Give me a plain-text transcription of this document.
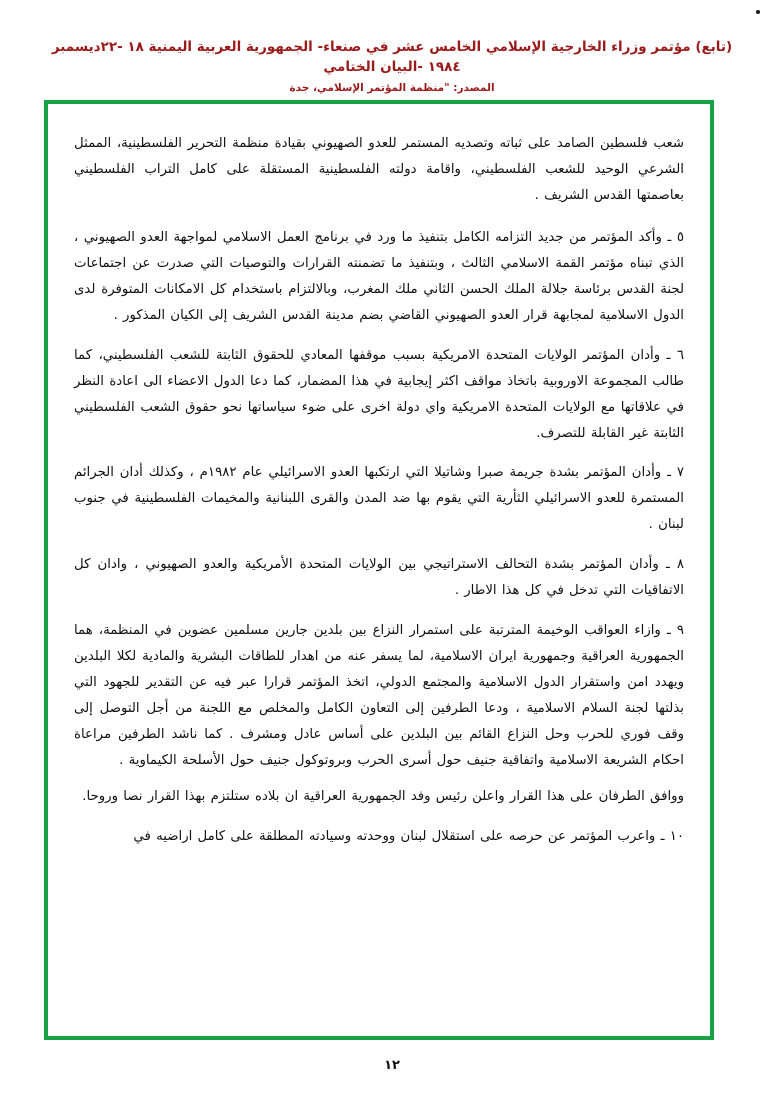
(تابع) مؤتمر وزراء الخارجية الإسلامي الخامس عشر في صنعاء- الجمهورية العربية اليمنية ١٨ -٢٢ديسمبر ١٩٨٤ -البيان الختامي
المصدر: "منظمة المؤتمر الإسلامي، جدة

شعب فلسطين الصامد على ثباته وتصديه المستمر للعدو الصهيوني بقيادة منظمة التحرير الفلسطينية، الممثل الشرعي الوحيد للشعب الفلسطيني، واقامة دولته الفلسطينية المستقلة على كامل التراب الفلسطيني بعاصمتها القدس الشريف .

٥ ـ وأكد المؤتمر من جديد التزامه الكامل بتنفيذ ما ورد في برنامج العمل الاسلامي لمواجهة العدو الصهيوني ، الذي تبناه مؤتمر القمة الاسلامي الثالث ، وبتنفيذ ما تضمنته القرارات والتوصيات التي صدرت عن اجتماعات لجنة القدس برئاسة جلالة الملك الحسن الثاني ملك المغرب، وبالالتزام باستخدام كل الامكانات المتوفرة لدى الدول الاسلامية لمجابهة قرار العدو الصهيوني القاضي بضم مدينة القدس الشريف إلى الكيان المذكور .

٦ ـ وأدان المؤتمر الولايات المتحدة الامريكية بسبب موقفها المعادي للحقوق الثابتة للشعب الفلسطيني، كما طالب المجموعة الاوروبية باتخاذ مواقف اكثر إيجابية في هذا المضمار، كما دعا الدول الاعضاء الى اعادة النظر في علاقاتها مع الولايات المتحدة الامريكية واي دولة اخرى على ضوء سياساتها نحو حقوق الشعب الفلسطيني الثابتة غير القابلة للتصرف.

٧ ـ وأدان المؤتمر بشدة جريمة صبرا وشاتيلا التي ارتكبها العدو الاسرائيلي عام ١٩٨٢م ، وكذلك أدان الجرائم المستمرة للعدو الاسرائيلي الثأرية التي يقوم بها ضد المدن والقرى اللبنانية والمخيمات الفلسطينية في جنوب لبنان .

٨ ـ وأدان المؤتمر بشدة التحالف الاستراتيجي بين الولايات المتحدة الأمريكية والعدو الصهيوني ، وادان كل الاتفاقيات التي تدخل في كل هذا الاطار .

٩ ـ وازاء العواقب الوخيمة المترتبة على استمرار النزاع بين بلدين جارين مسلمين عضوين في المنظمة، هما الجمهورية العراقية وجمهورية ايران الاسلامية، لما يسفر عنه من اهدار للطاقات البشرية والمادية لكلا البلدين ويهدد امن واستقرار الدول الاسلامية والمجتمع الدولي، اتخذ المؤتمر قرارا عبر فيه عن التقدير للجهود التي بذلتها لجنة السلام الاسلامية ، ودعا الطرفين إلى التعاون الكامل والمخلص مع اللجنة من أجل التوصل إلى وقف فوري للحرب وحل النزاع القائم بين البلدين على أساس عادل ومشرف . كما ناشد الطرفين مراعاة احكام الشريعة الاسلامية واتفاقية جنيف حول أسرى الحرب وبروتوكول جنيف حول الأسلحة الكيماوية .

ووافق الطرفان على هذا القرار واعلن رئيس وفد الجمهورية العراقية ان بلاده ستلتزم بهذا القرار نصا وروحا.

١٠ ـ واعرب المؤتمر عن حرصه على استقلال لبنان ووحدته وسيادته المطلقة على كامل اراضيه في

١٢
